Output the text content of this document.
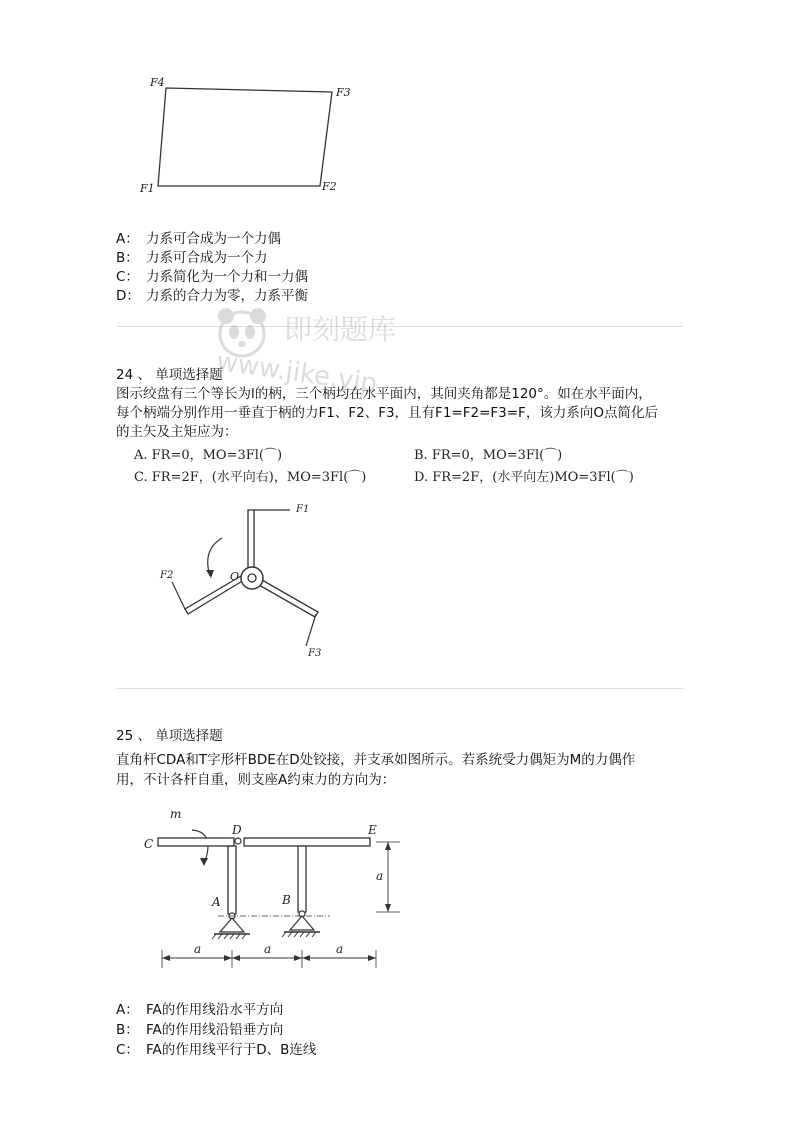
F4
F3
F1	F2
A： 力系可合成为一个力偶
B： 力系可合成为一个力
C： 力系简化为一个力和一力偶
D： 力系的合力为零，力系平衡
即刻题库
www.jike.vip
24 、 单项选择题
图示绞盘有三个等长为l的柄，三个柄均在水平面内，其间夹角都是120°。如在水平面内，
每个柄端分别作用一垂直于柄的力F1、F2、F3，且有F1=F2=F3=F，该力系向O点简化后
的主矢及主矩应为：
A. FR=0，MO=3Fl(⌒)	B. FR=0，MO=3Fl(⌒)
C. FR=2F，(水平向右)，MO=3Fl(⌒)	D. FR=2F，(水平向左)MO=3Fl(⌒)
F1
F2
F3
O
25 、 单项选择题
直角杆CDA和T字形杆BDE在D处铰接，并支承如图所示。若系统受力偶矩为M的力偶作
用，不计各杆自重，则支座A约束力的方向为：
m
C
D	E
A	B
a
a	a	a
A： FA的作用线沿水平方向
B： FA的作用线沿铅垂方向
C： FA的作用线平行于D、B连线
